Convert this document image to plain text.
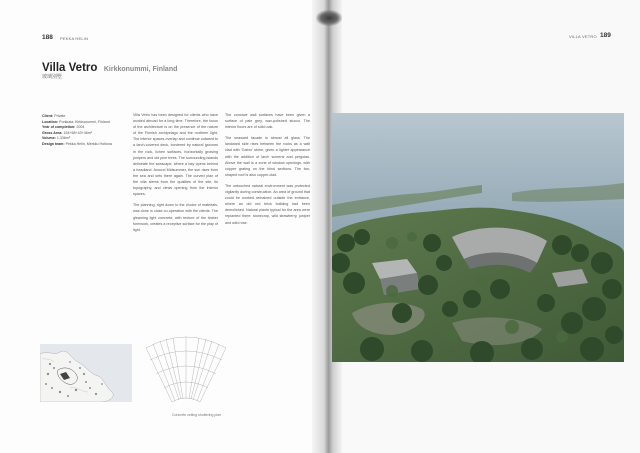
188 PEKKA HELIN
Villa Vetro Kirkkonummi, Finland
玻璃别墅
Client: Private
Location: Porkkala, Kirkkonummi, Finland
Year of completion: 2004
Gross Area: 154+58+43+46m²
Volume: 1,336m³
Design team: Pekka Helin, Merkku Holtona

Villa Vetro has been designed for clients who have worked abroad for a long time. Therefore, the focus of the architecture is on the presence of the nature of the Finnish archipelago and the northern light. The interior spaces overlap and continue outward to a larch-covered deck, bordered by natural grooves in the rock, lichen surfaces, horizontally growing junipers and old pine trees. The surrounding islands delineate the seascape, where a bay opens behind a headland. Around Midsummer, the sun rises from the sea and sets there again. The curved plan of the villa stems from the qualities of the site, its topography, and views opening from the interior spaces.

The planning, right down to the choice of materials, was done in close co-operation with the clients. The gleaming light concrete, with texture of the timber formwork, creates a receptive surface for the play of light.

The concave wall surfaces have been given a surface of pale grey, wax-polished stucco. The interior floors are of solid oak.

The seaward facade is almost all glass. The landward side rises between the rocks as a wall clad with 'Gabro' stone, given a lighter appearance with the addition of larch screens and pergolas. Above the wall is a zone of window openings, with copper grating on the blind sections. The fan-shaped roof is also copper-clad.

The untouched natural environment was protected vigilantly during construction. An area of ground that could be worked remained outside the entrance, where an old red brick building had been demolished. Natural plants typical for the area were replanted there: stonecrop, wild strawberry, juniper and wild rose.

Concrete ceiling shuttering plan
VILLA VETRO 189
